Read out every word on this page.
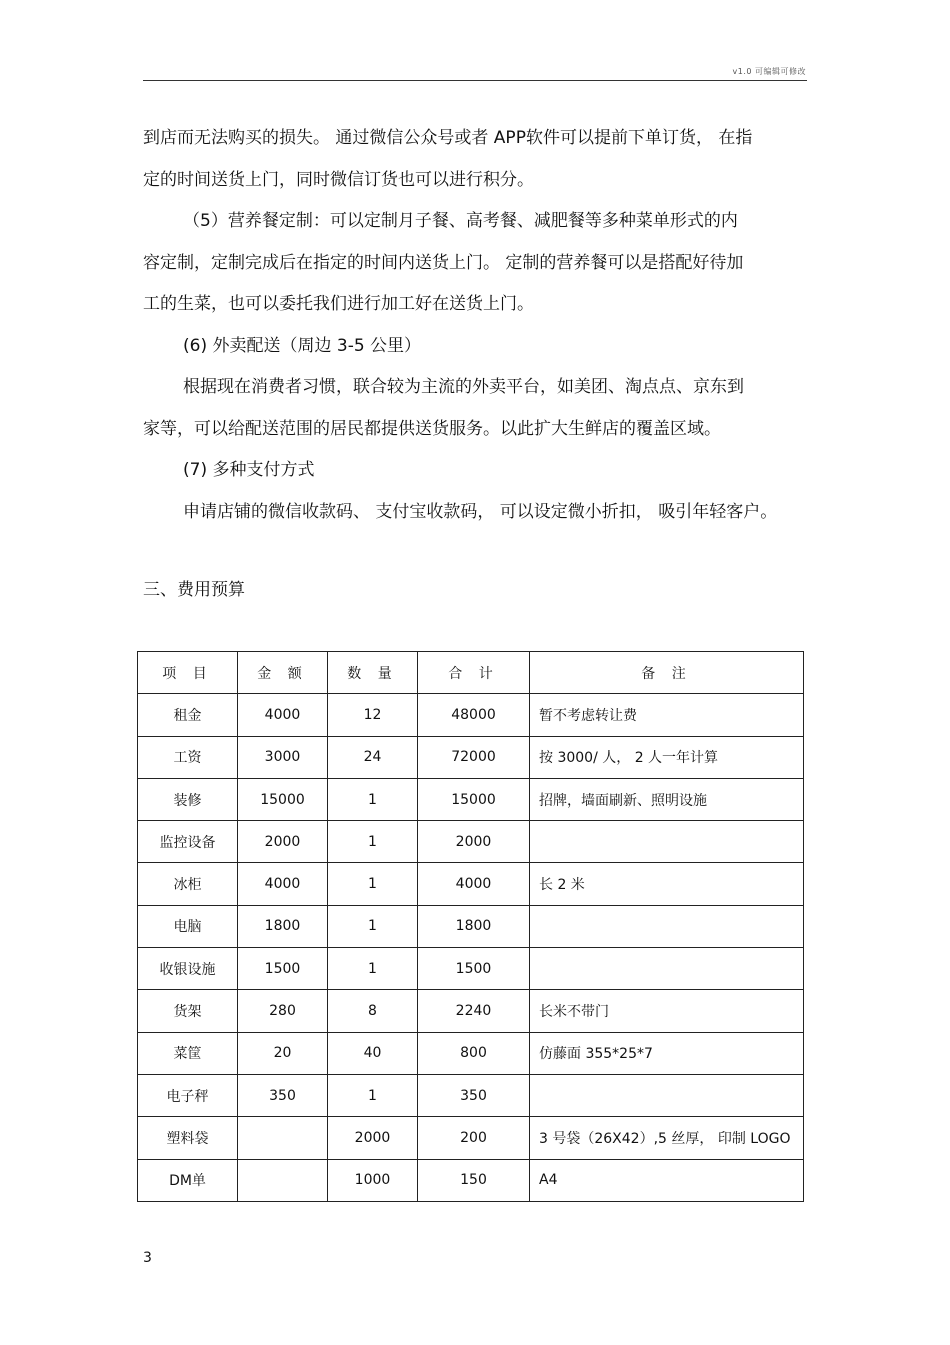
v1.0 可编辑可修改
到店而无法购买的损失。 通过微信公众号或者 APP软件可以提前下单订货， 在指
定的时间送货上门，同时微信订货也可以进行积分。
（5）营养餐定制：可以定制月子餐、高考餐、减肥餐等多种菜单形式的内
容定制，定制完成后在指定的时间内送货上门。 定制的营养餐可以是搭配好待加
工的生菜，也可以委托我们进行加工好在送货上门。
(6) 外卖配送（周边 3-5 公里）
根据现在消费者习惯，联合较为主流的外卖平台，如美团、淘点点、京东到
家等，可以给配送范围的居民都提供送货服务。以此扩大生鲜店的覆盖区域。
(7) 多种支付方式
申请店铺的微信收款码、 支付宝收款码， 可以设定微小折扣， 吸引年轻客户。
三、费用预算
项 目	金 额	数 量	合 计	备 注
租金	4000	12	48000	暂不考虑转让费
工资	3000	24	72000	按 3000/ 人， 2 人一年计算
装修	15000	1	15000	招牌，墙面刷新、照明设施
监控设备	2000	1	2000	
冰柜	4000	1	4000	长 2 米
电脑	1800	1	1800	
收银设施	1500	1	1500	
货架	280	8	2240	长米不带门
菜筐	20	40	800	仿藤面 355*25*7
电子秤	350	1	350	
塑料袋		2000	200	3 号袋（26X42）,5 丝厚， 印制 LOGO
DM单		1000	150	A4
3
